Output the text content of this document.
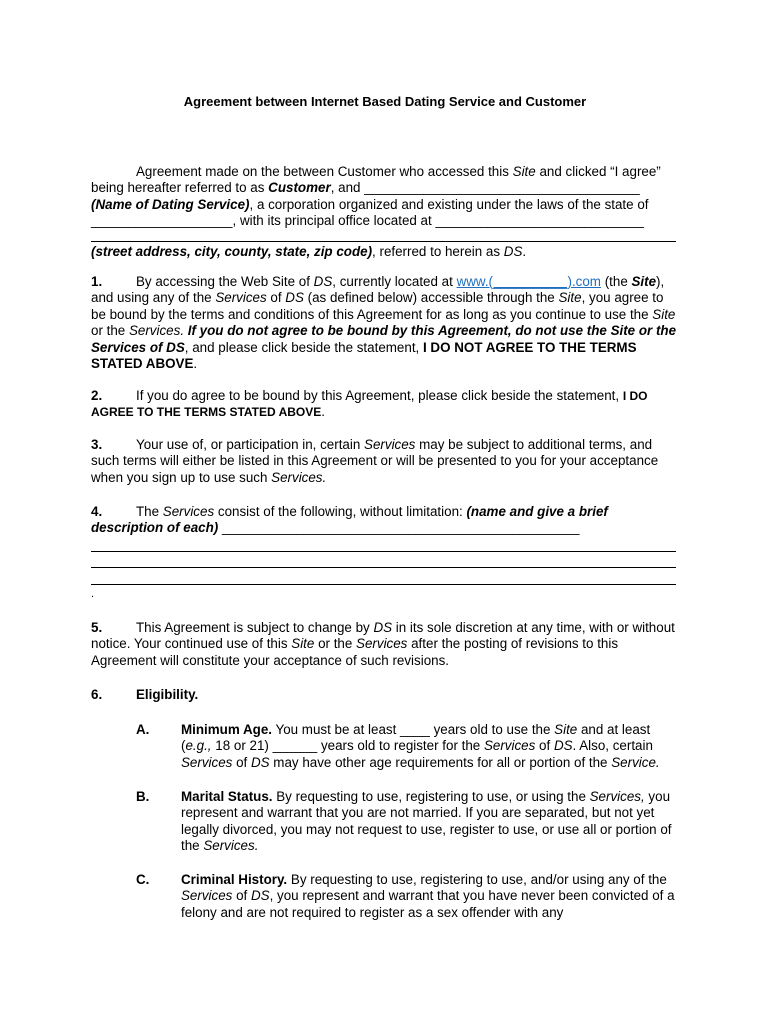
Agreement between Internet Based Dating Service and Customer
Agreement made on the between Customer who accessed this Site and clicked “I agree” being hereafter referred to as Customer, and _____________________________________ (Name of Dating Service), a corporation organized and existing under the laws of the state of ___________________, with its principal office located at ____________________________
(street address, city, county, state, zip code), referred to herein as DS.
1.	By accessing the Web Site of DS, currently located at www.(__________).com (the Site), and using any of the Services of DS (as defined below) accessible through the Site, you agree to be bound by the terms and conditions of this Agreement for as long as you continue to use the Site or the Services. If you do not agree to be bound by this Agreement, do not use the Site or the Services of DS, and please click beside the statement, I DO NOT AGREE TO THE TERMS STATED ABOVE.
2.	If you do agree to be bound by this Agreement, please click beside the statement, I DO AGREE TO THE TERMS STATED ABOVE.
3.	Your use of, or participation in, certain Services may be subject to additional terms, and such terms will either be listed in this Agreement or will be presented to you for your acceptance when you sign up to use such Services.
4.	The Services consist of the following, without limitation: (name and give a brief description of each) ________________________________________________
.
5.	This Agreement is subject to change by DS in its sole discretion at any time, with or without notice. Your continued use of this Site or the Services after the posting of revisions to this Agreement will constitute your acceptance of such revisions.
6.	Eligibility.
A. Minimum Age. You must be at least ____ years old to use the Site and at least (e.g., 18 or 21) ______ years old to register for the Services of DS. Also, certain Services of DS may have other age requirements for all or portion of the Service.
B. Marital Status. By requesting to use, registering to use, or using the Services, you represent and warrant that you are not married. If you are separated, but not yet legally divorced, you may not request to use, register to use, or use all or portion of the Services.
C. Criminal History. By requesting to use, registering to use, and/or using any of the Services of DS, you represent and warrant that you have never been convicted of a felony and are not required to register as a sex offender with any
